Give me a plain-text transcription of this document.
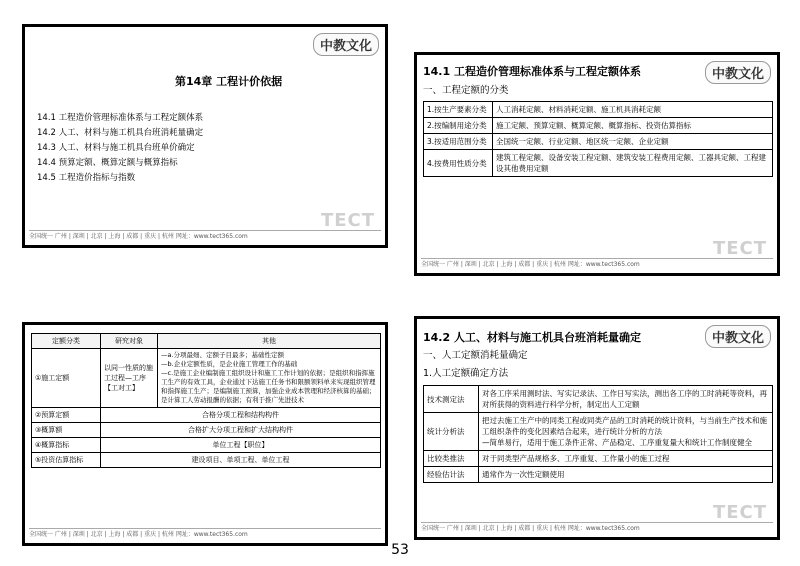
中教文化
第14章 工程计价依据
14.1 工程造价管理标准体系与工程定额体系
14.2 人工、材料与施工机具台班消耗量确定
14.3 人工、材料与施工机具台班单价确定
14.4 预算定额、概算定额与概算指标
14.5 工程造价指标与指数
TECT
全国统一 广州 | 深圳 | 北京 | 上海 | 成都 | 重庆 | 杭州 网址：www.tect365.com
中教文化
14.1 工程造价管理标准体系与工程定额体系
一、工程定额的分类
1.按生产要素分类	人工消耗定额、材料消耗定额、施工机具消耗定额
2.按编制用途分类	施工定额、预算定额、概算定额、概算指标、投资估算指标
3.按适用范围分类	全国统一定额、行业定额、地区统一定额、企业定额
4.按费用性质分类	建筑工程定额、设备安装工程定额、建筑安装工程费用定额、工器具定额、工程建设其他费用定额
TECT
全国统一 广州 | 深圳 | 北京 | 上海 | 成都 | 重庆 | 杭州 网址：www.tect365.com
定额分类	研究对象	其他
①施工定额	以同一性质的施工过程—工序【工对工】	—a.分项最细、定额子目最多；基础性定额
—b.企业定额性质，是企业施工管理工作的基础
—c.是施工企业编制施工组织设计和施工工作计划的依据；是组织和指挥施工生产的有效工具，企业通过下达施工任务书和限额领料单来实现组织管理和指挥施工生产；是编制施工预算，加强企业成本管理和经济核算的基础；是计算工人劳动报酬的依据；有利于推广先进技术
②预算定额	合格分项工程和结构构件	
③概算额	合格扩大分项工程和扩大结构构件	
④概算指标	单位工程【职位】	
⑤投资估算指标	建设项目、单项工程、单位工程	
全国统一 广州 | 深圳 | 北京 | 上海 | 成都 | 重庆 | 杭州 网址：www.tect365.com
中教文化
14.2 人工、材料与施工机具台班消耗量确定
一、人工定额消耗量确定
1.人工定额确定方法
技术测定法	对各工序采用测时法、写实记录法、工作日写实法，测出各工序的工时消耗等资料，再对所获得的资料进行科学分析，制定出人工定额
统计分析法	把过去施工生产中的同类工程或同类产品的工时消耗的统计资料，与当前生产技术和施工组织条件的变化因素结合起来，进行统计分析的方法
—简单易行，适用于施工条件正常、产品稳定、工序重复量大和统计工作制度健全
比较类推法	对于同类型产品规格多、工序重复、工作量小的施工过程
经验估计法	通常作为一次性定额使用
TECT
全国统一 广州 | 深圳 | 北京 | 上海 | 成都 | 重庆 | 杭州 网址：www.tect365.com
53
